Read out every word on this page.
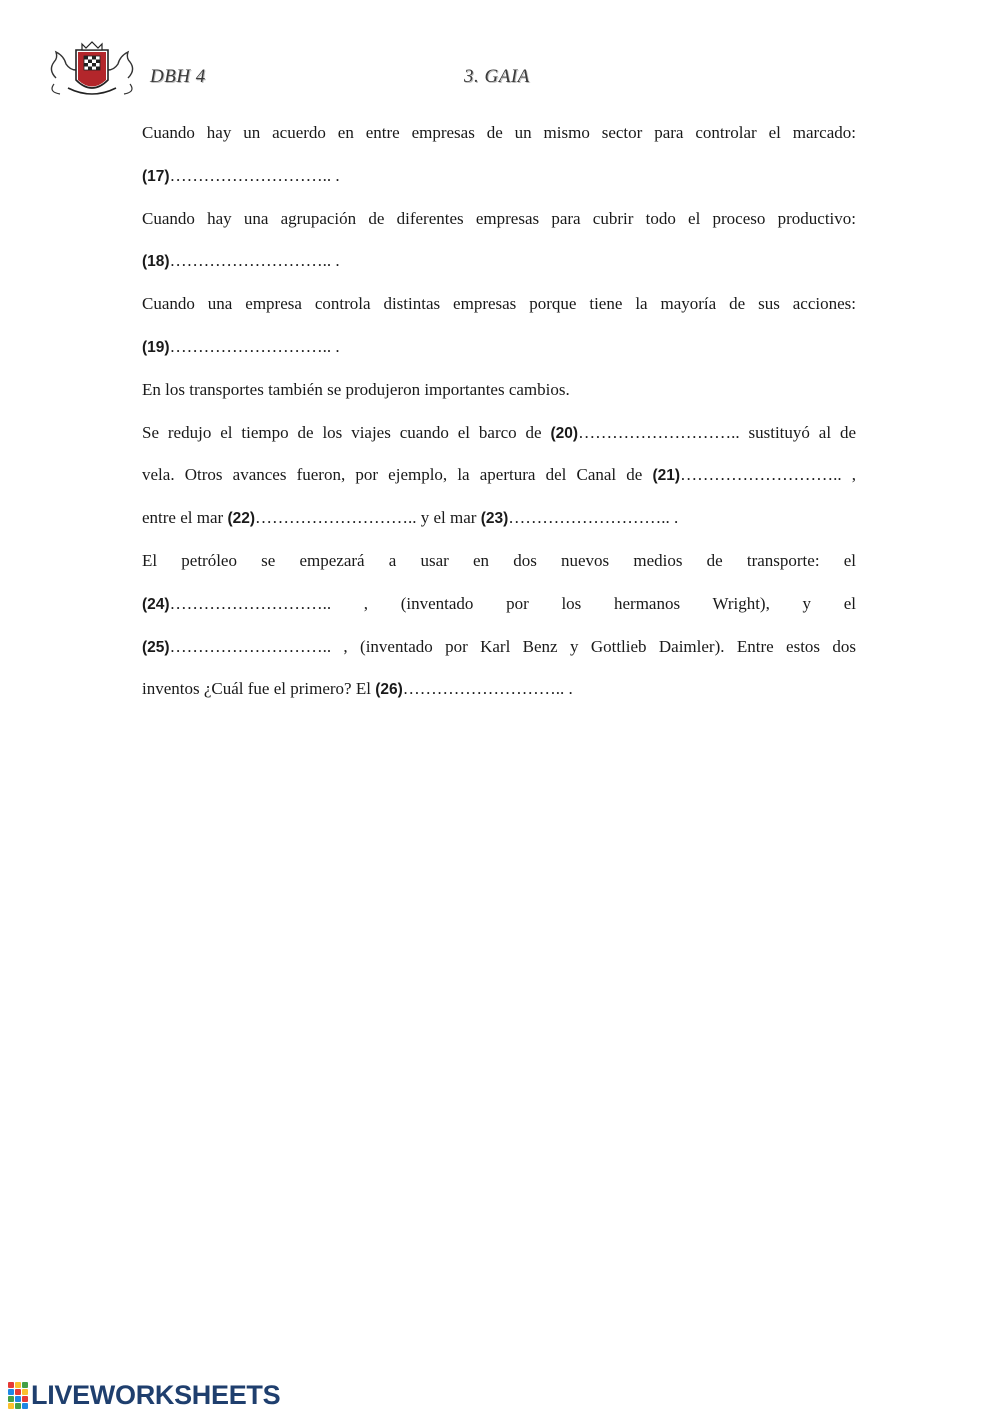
DBH 4	3. GAIA
Cuando hay un acuerdo en entre empresas de un mismo sector para controlar el marcado:
(17)……………………….. .
Cuando hay una agrupación de diferentes empresas para cubrir todo el proceso productivo:
(18)……………………….. .
Cuando una empresa controla distintas empresas porque tiene la mayoría de sus acciones:
(19)……………………….. .
En los transportes también se produjeron importantes cambios.
Se redujo el tiempo de los viajes cuando el barco de (20)……………………….. sustituyó al de
vela. Otros avances fueron, por ejemplo, la apertura del Canal de (21)……………………….. ,
entre el mar (22)……………………….. y el mar (23)……………………….. .
El petróleo se empezará a usar en dos nuevos medios de transporte: el
(24)……………………….. , (inventado por los hermanos Wright), y el
(25)……………………….. , (inventado por Karl Benz y Gottlieb Daimler). Entre estos dos
inventos ¿Cuál fue el primero? El (26)……………………….. .
LIVEWORKSHEETS
